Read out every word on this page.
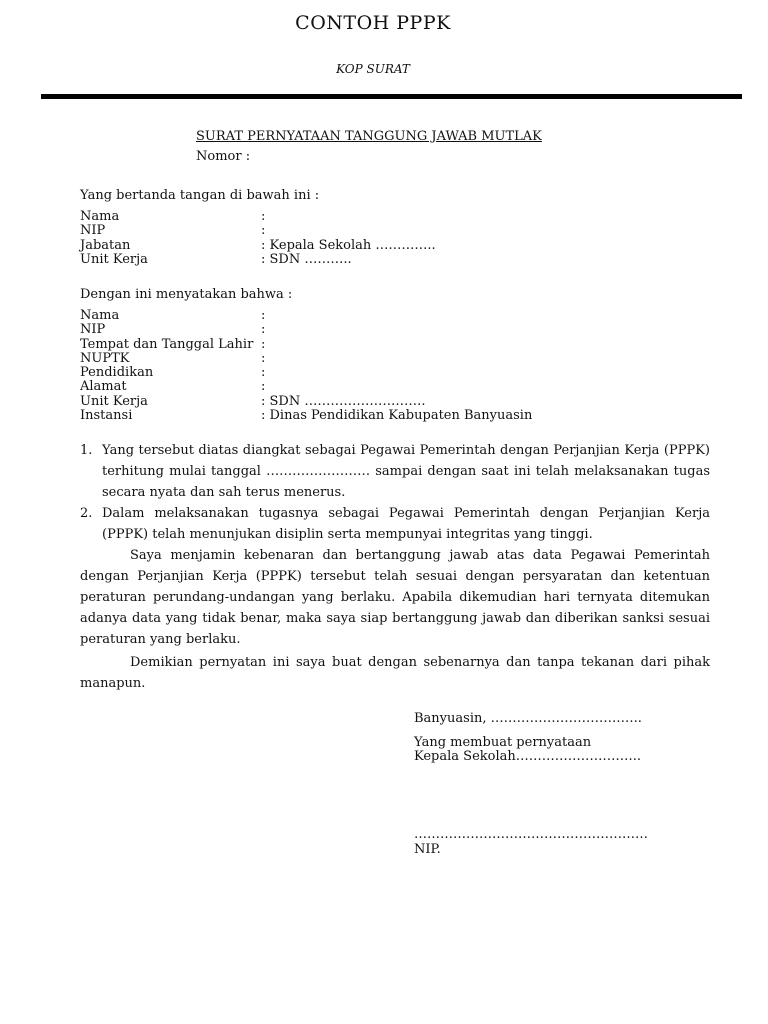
CONTOH PPPK
KOP SURAT
SURAT PERNYATAAN TANGGUNG JAWAB MUTLAK
Nomor :
Yang bertanda tangan di bawah ini :
Nama	:
NIP	:
Jabatan	: Kepala Sekolah …………..
Unit Kerja	: SDN ………..
Dengan ini menyatakan bahwa :
Nama	:
NIP	:
Tempat dan Tanggal Lahir :
NUPTK	:
Pendidikan	:
Alamat	:
Unit Kerja	: SDN ……………………….
Instansi	: Dinas Pendidikan Kabupaten Banyuasin
1. Yang tersebut diatas diangkat sebagai Pegawai Pemerintah dengan Perjanjian Kerja (PPPK) terhitung mulai tanggal …………………… sampai dengan saat ini telah melaksanakan tugas secara nyata dan sah terus menerus.
2. Dalam melaksanakan tugasnya sebagai Pegawai Pemerintah dengan Perjanjian Kerja (PPPK) telah menunjukan disiplin serta mempunyai integritas yang tinggi.
Saya menjamin kebenaran dan bertanggung jawab atas data Pegawai Pemerintah dengan Perjanjian Kerja (PPPK) tersebut telah sesuai dengan persyaratan dan ketentuan peraturan perundang-undangan yang berlaku. Apabila dikemudian hari ternyata ditemukan adanya data yang tidak benar, maka saya siap bertanggung jawab dan diberikan sanksi sesuai peraturan yang berlaku.
Demikian pernyatan ini saya buat dengan sebenarnya dan tanpa tekanan dari pihak manapun.
Banyuasin, ……………………………..
Yang membuat pernyataan
Kepala Sekolah………………………..
………………………………………………
NIP.
